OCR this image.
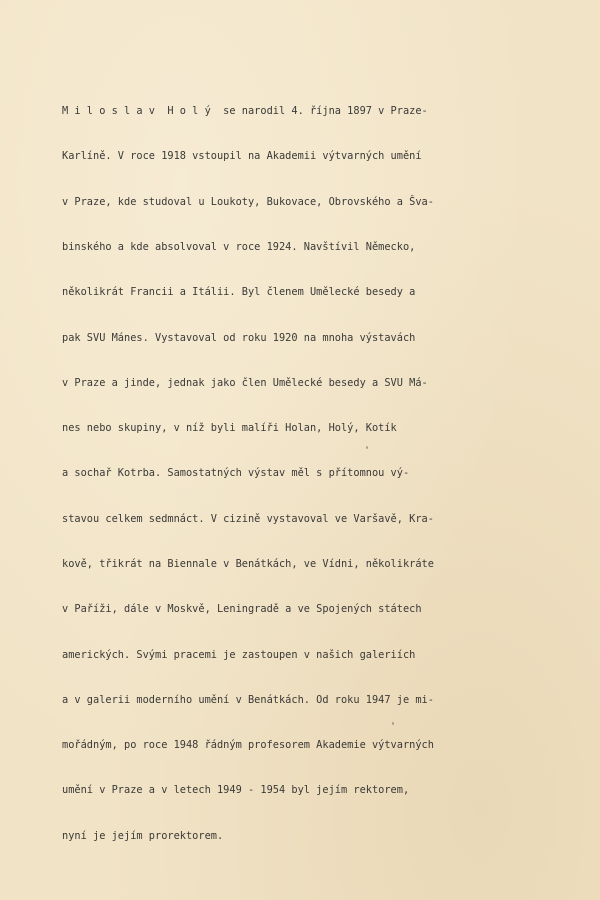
M i l o s l a v  H o l ý  se narodil 4. října 1897 v Praze-

Karlíně. V roce 1918 vstoupil na Akademii výtvarných umění

v Praze, kde studoval u Loukoty, Bukovace, Obrovského a Šva-

binského a kde absolvoval v roce 1924. Navštívil Německo,

několikrát Francii a Itálii. Byl členem Umělecké besedy a

pak SVU Mánes. Vystavoval od roku 1920 na mnoha výstavách

v Praze a jinde, jednak jako člen Umělecké besedy a SVU Má-

nes nebo skupiny, v níž byli malíři Holan, Holý, Kotík

a sochař Kotrba. Samostatných výstav měl s přítomnou vý-

stavou celkem sedmnáct. V cizině vystavoval ve Varšavě, Kra-

kově, třikrát na Biennale v Benátkách, ve Vídni, několikráte

v Paříži, dále v Moskvě, Leningradě a ve Spojených státech

amerických. Svými pracemi je zastoupen v našich galeriích

a v galerii moderního umění v Benátkách. Od roku 1947 je mi-

mořádným, po roce 1948 řádným profesorem Akademie výtvarných

umění v Praze a v letech 1949 - 1954 byl jejím rektorem,

nyní je jejím prorektorem.
